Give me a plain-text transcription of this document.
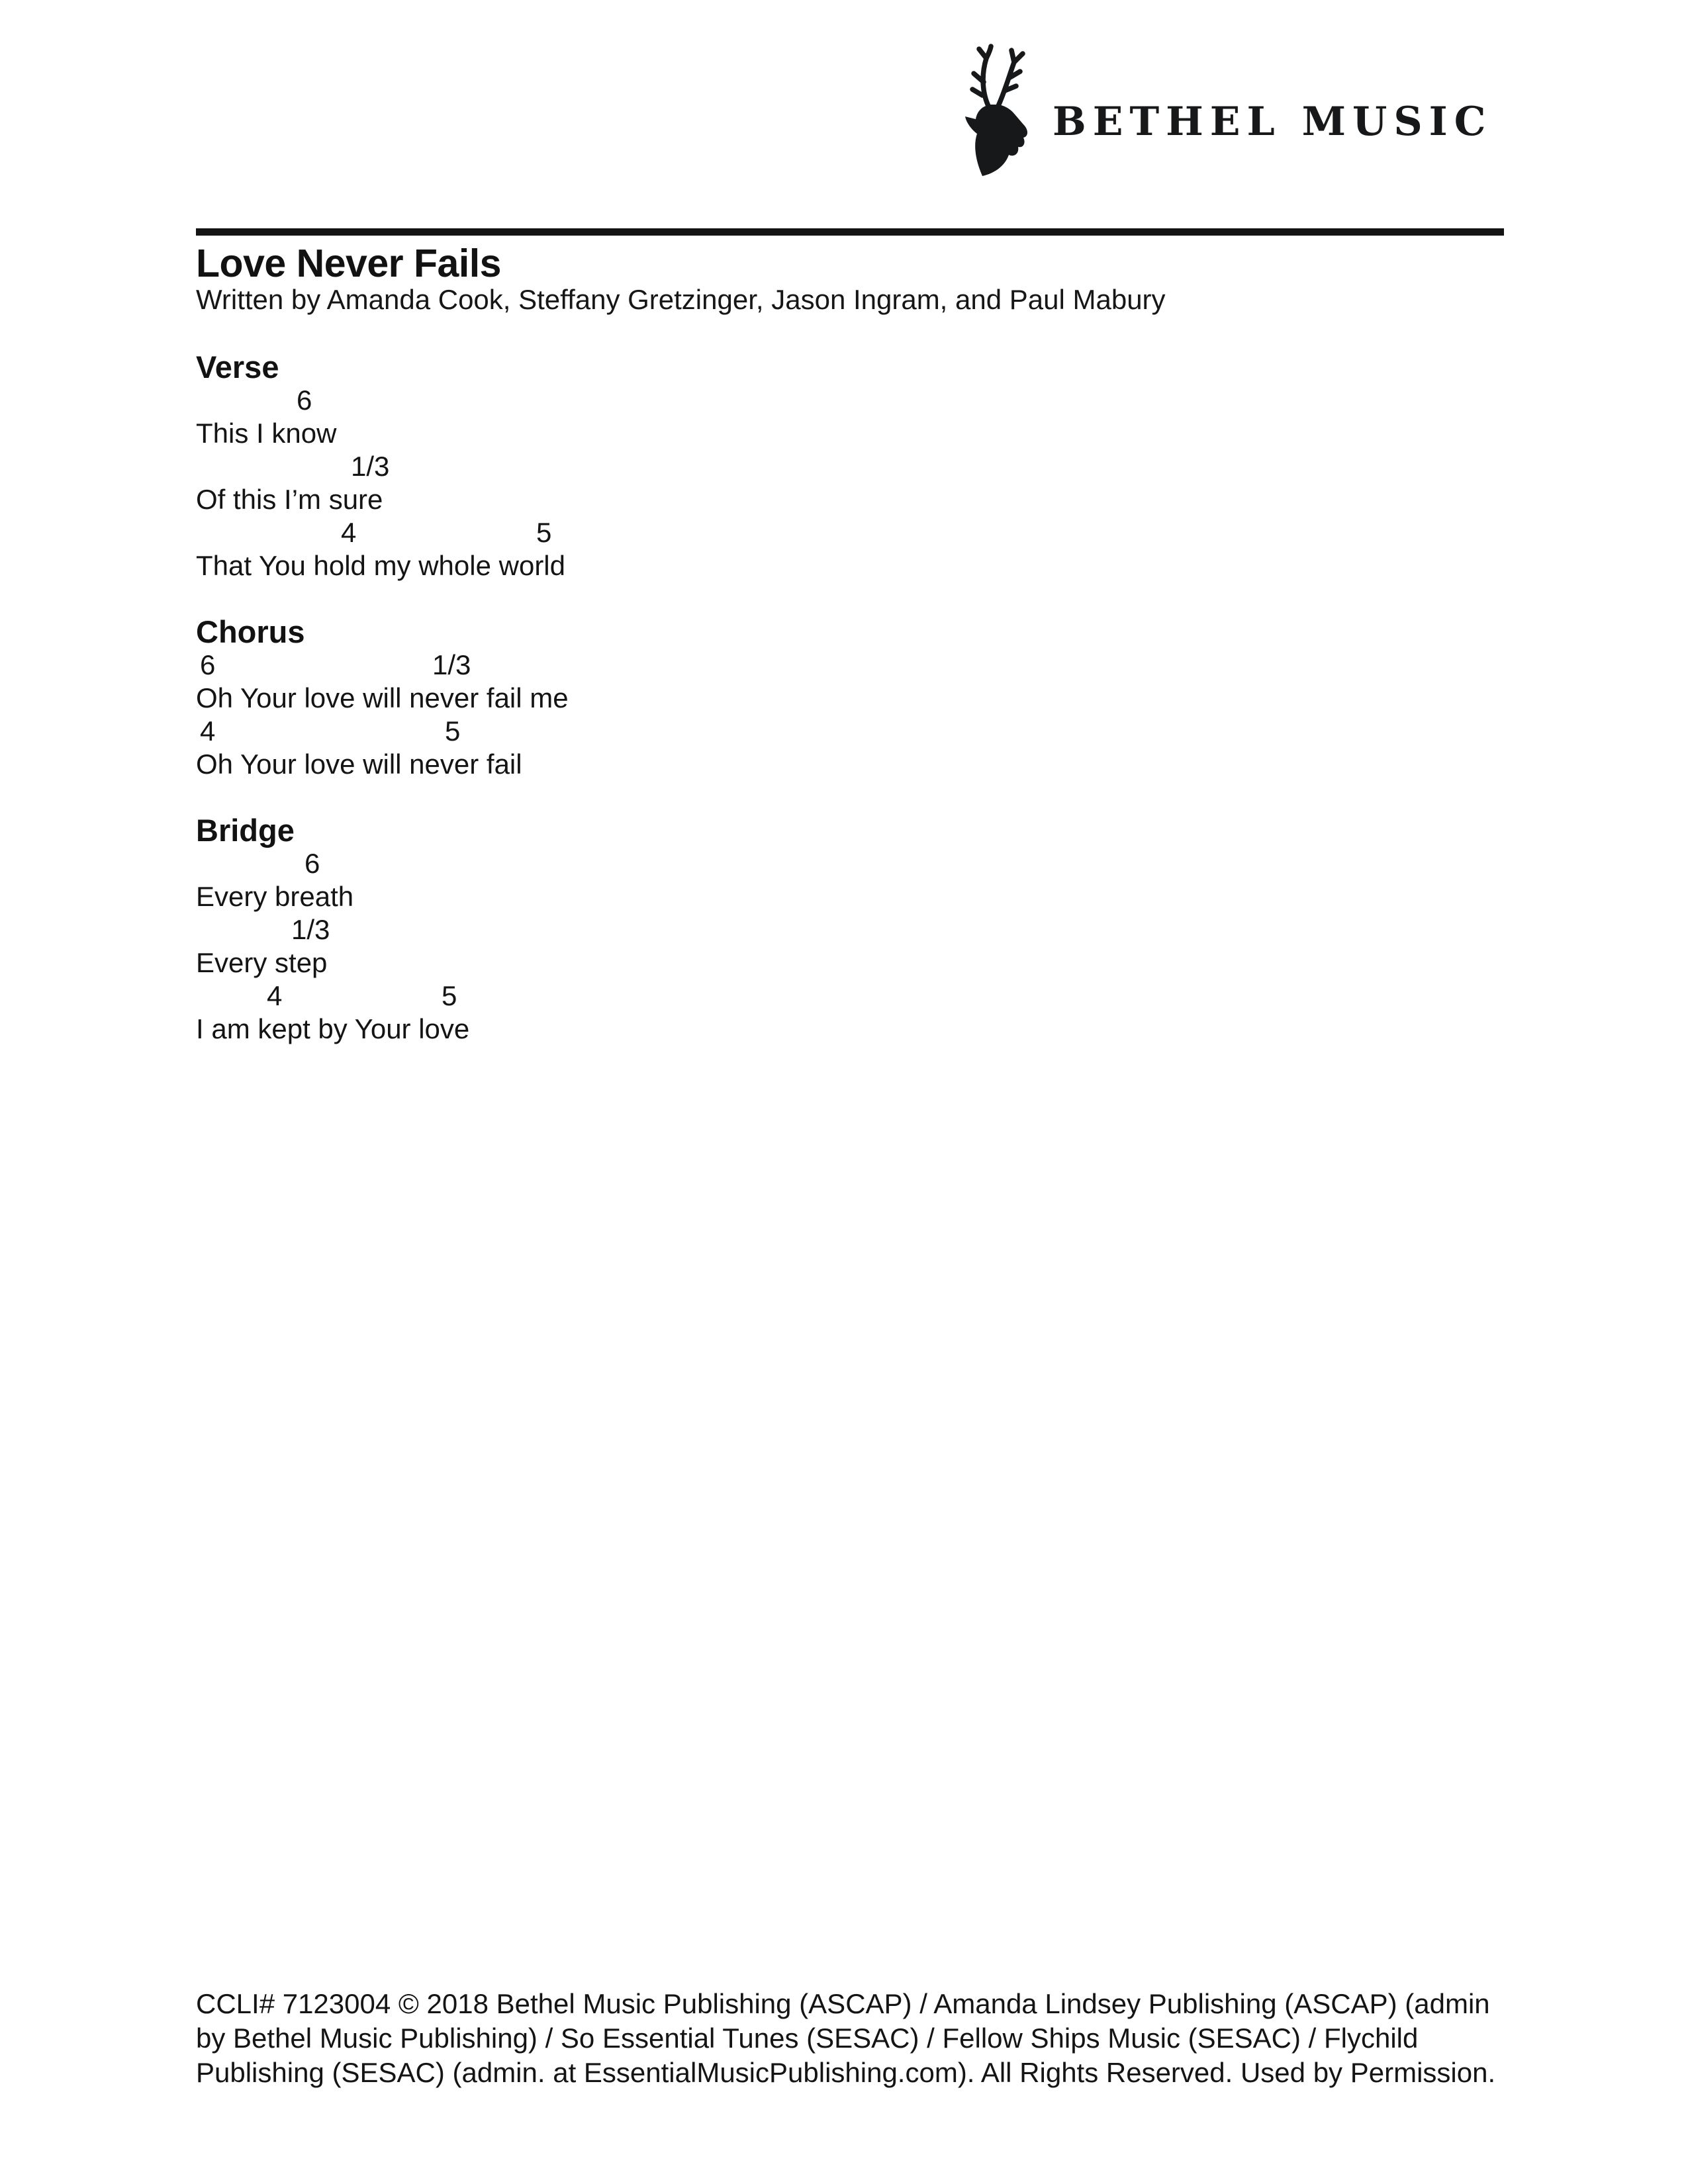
BETHEL MUSIC
Love Never Fails

Written by Amanda Cook, Steffany Gretzinger, Jason Ingram, and Paul Mabury

Verse
6
This I know
1/3
Of this I’m sure
4	5
That You hold my whole world
Chorus
6	1/3
Oh Your love will never fail me
4	5
Oh Your love will never fail
Bridge
6
Every breath
1/3
Every step
4	5
I am kept by Your love
CCLI# 7123004 © 2018 Bethel Music Publishing (ASCAP) / Amanda Lindsey Publishing (ASCAP) (admin
by Bethel Music Publishing) / So Essential Tunes (SESAC) / Fellow Ships Music (SESAC) / Flychild
Publishing (SESAC) (admin. at EssentialMusicPublishing.com). All Rights Reserved. Used by Permission.
